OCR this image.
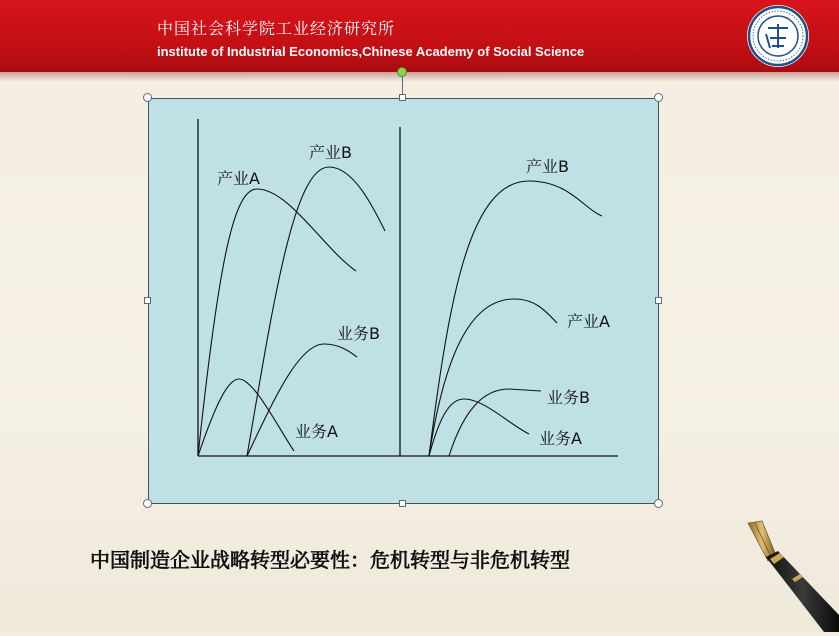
中国社会科学院工业经济研究所
institute of Industrial Economics,Chinese Academy of Social Science
产业A
产业B
业务B
业务A
产业B
产业A
业务B
业务A
中国制造企业战略转型必要性：危机转型与非危机转型
